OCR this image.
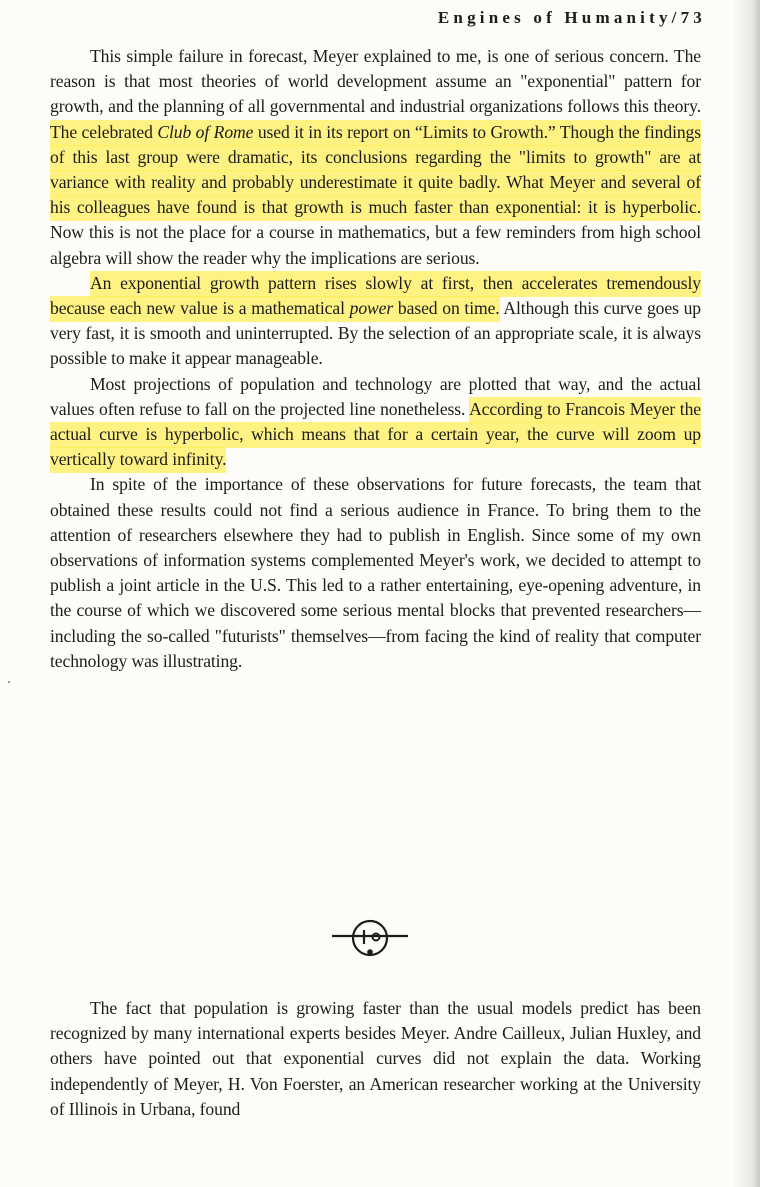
Engines of Humanity/73

This simple failure in forecast, Meyer explained to me, is one of serious concern. The reason is that most theories of world development assume an "exponential" pattern for growth, and the planning of all governmental and industrial organizations follows this theory. The celebrated Club of Rome used it in its report on “Limits to Growth.” Though the findings of this last group were dramatic, its conclusions regarding the "limits to growth" are at variance with reality and probably underestimate it quite badly. What Meyer and several of his colleagues have found is that growth is much faster than exponential: it is hyperbolic. Now this is not the place for a course in mathematics, but a few reminders from high school algebra will show the reader why the implications are serious.

An exponential growth pattern rises slowly at first, then accelerates tremendously because each new value is a mathematical power based on time. Although this curve goes up very fast, it is smooth and uninterrupted. By the selection of an appropriate scale, it is always possible to make it appear manageable.

Most projections of population and technology are plotted that way, and the actual values often refuse to fall on the projected line nonetheless. According to Francois Meyer the actual curve is hyperbolic, which means that for a certain year, the curve will zoom up vertically toward infinity.

In spite of the importance of these observations for future forecasts, the team that obtained these results could not find a serious audience in France. To bring them to the attention of researchers elsewhere they had to publish in English. Since some of my own observations of information systems complemented Meyer's work, we decided to attempt to publish a joint article in the U.S. This led to a rather entertaining, eye-opening adventure, in the course of which we discovered some serious mental blocks that prevented researchers—including the so-called "futurists" themselves—from facing the kind of reality that computer technology was illustrating.

The fact that population is growing faster than the usual models predict has been recognized by many international experts besides Meyer. Andre Cailleux, Julian Huxley, and others have pointed out that exponential curves did not explain the data. Working independently of Meyer, H. Von Foerster, an American researcher working at the University of Illinois in Urbana, found
